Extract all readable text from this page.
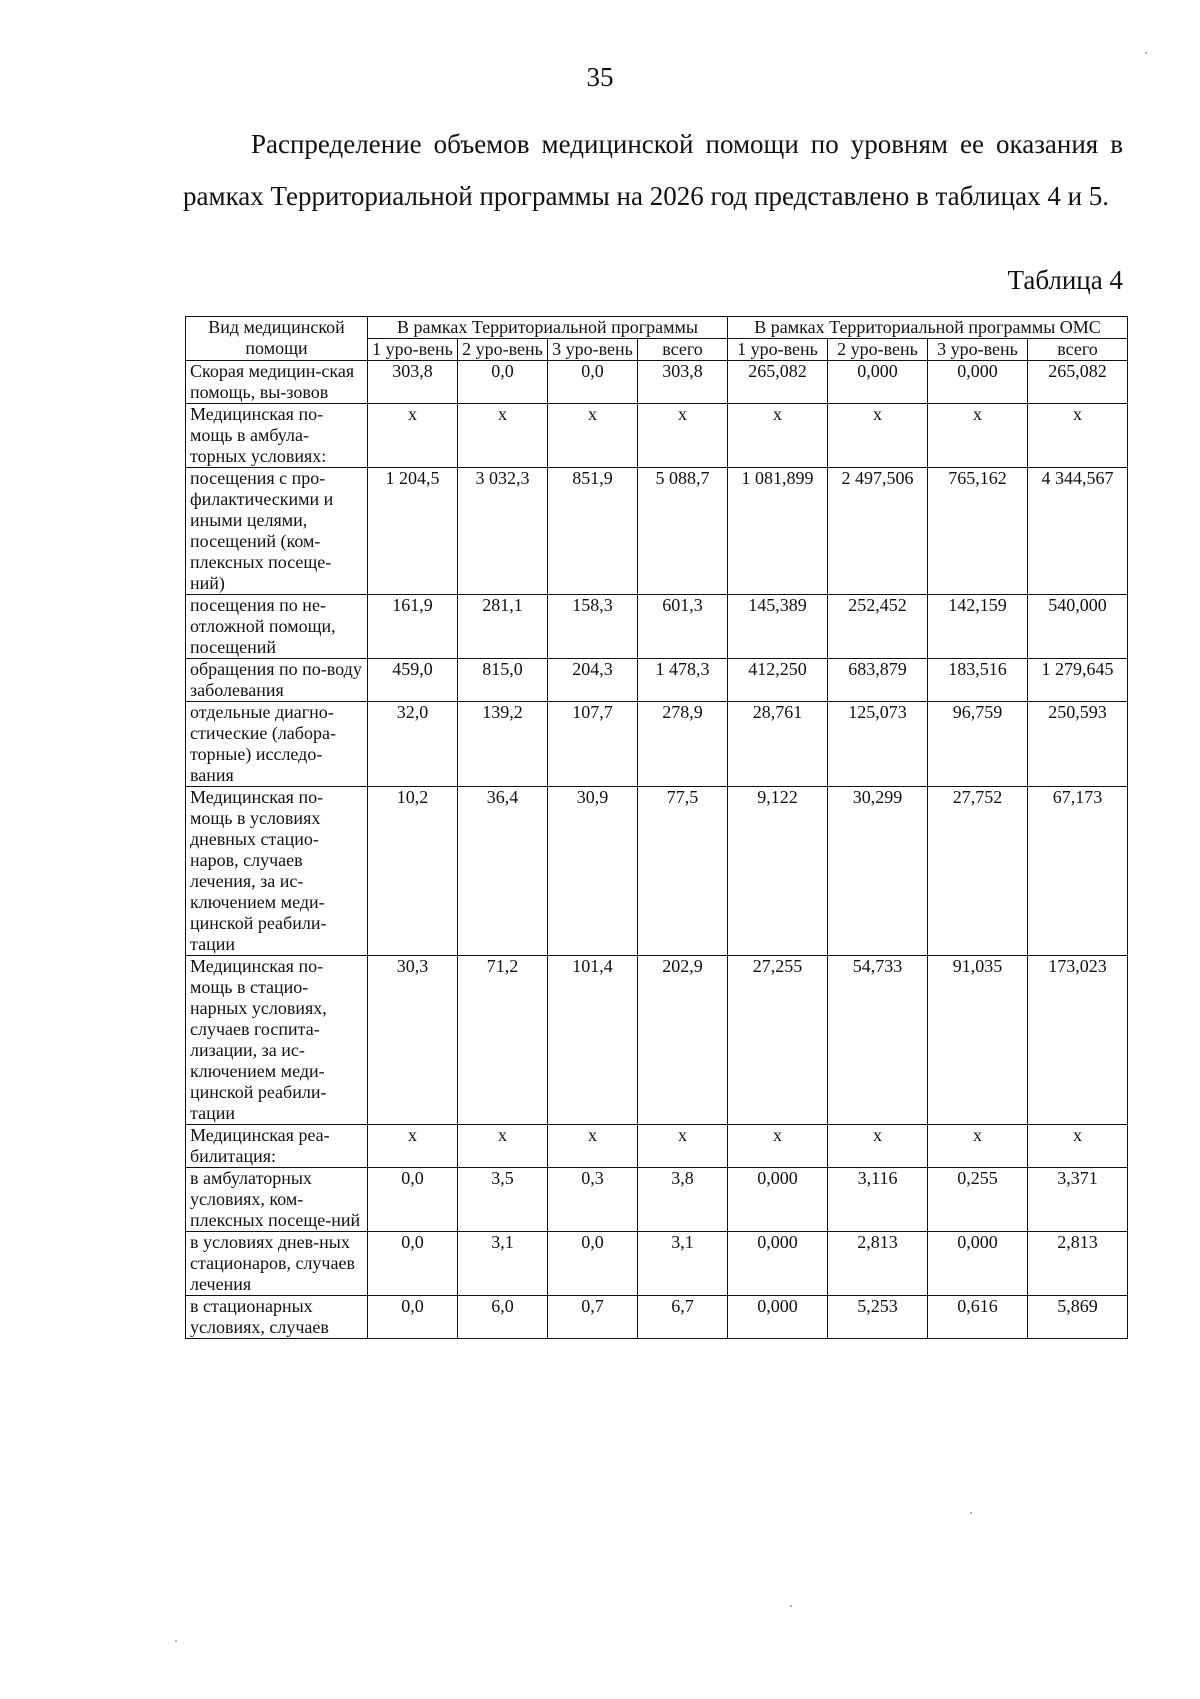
35
Распределение объемов медицинской помощи по уровням ее оказания в рамках Территориальной программы на 2026 год представлено в таблицах 4 и 5.
Таблица 4
Вид медицинской помощи	В рамках Территориальной программы				В рамках Территориальной программы ОМС			
	1 уро-вень	2 уро-вень	3 уро-вень	всего	1 уро-вень	2 уро-вень	3 уро-вень	всего
Скорая медицин-ская помощь, вы-зовов	303,8	0,0	0,0	303,8	265,082	0,000	0,000	265,082
Медицинская по-мощь в амбула-торных условиях:	х	х	х	х	х	х	х	х
посещения с про-филактическими и иными целями, посещений (ком-плексных посеще-ний)	1 204,5	3 032,3	851,9	5 088,7	1 081,899	2 497,506	765,162	4 344,567
посещения по не-отложной помощи, посещений	161,9	281,1	158,3	601,3	145,389	252,452	142,159	540,000
обращения по по-воду заболевания	459,0	815,0	204,3	1 478,3	412,250	683,879	183,516	1 279,645
отдельные диагно-стические (лабора-торные) исследо-вания	32,0	139,2	107,7	278,9	28,761	125,073	96,759	250,593
Медицинская по-мощь в условиях дневных стацио-наров, случаев лечения, за ис-ключением меди-цинской реабили-тации	10,2	36,4	30,9	77,5	9,122	30,299	27,752	67,173
Медицинская по-мощь в стацио-нарных условиях, случаев госпита-лизации, за ис-ключением меди-цинской реабили-тации	30,3	71,2	101,4	202,9	27,255	54,733	91,035	173,023
Медицинская реа-билитация:	х	х	х	х	х	х	х	х
в амбулаторных условиях, ком-плексных посеще-ний	0,0	3,5	0,3	3,8	0,000	3,116	0,255	3,371
в условиях днев-ных стационаров, случаев лечения	0,0	3,1	0,0	3,1	0,000	2,813	0,000	2,813
в стационарных условиях, случаев	0,0	6,0	0,7	6,7	0,000	5,253	0,616	5,869
